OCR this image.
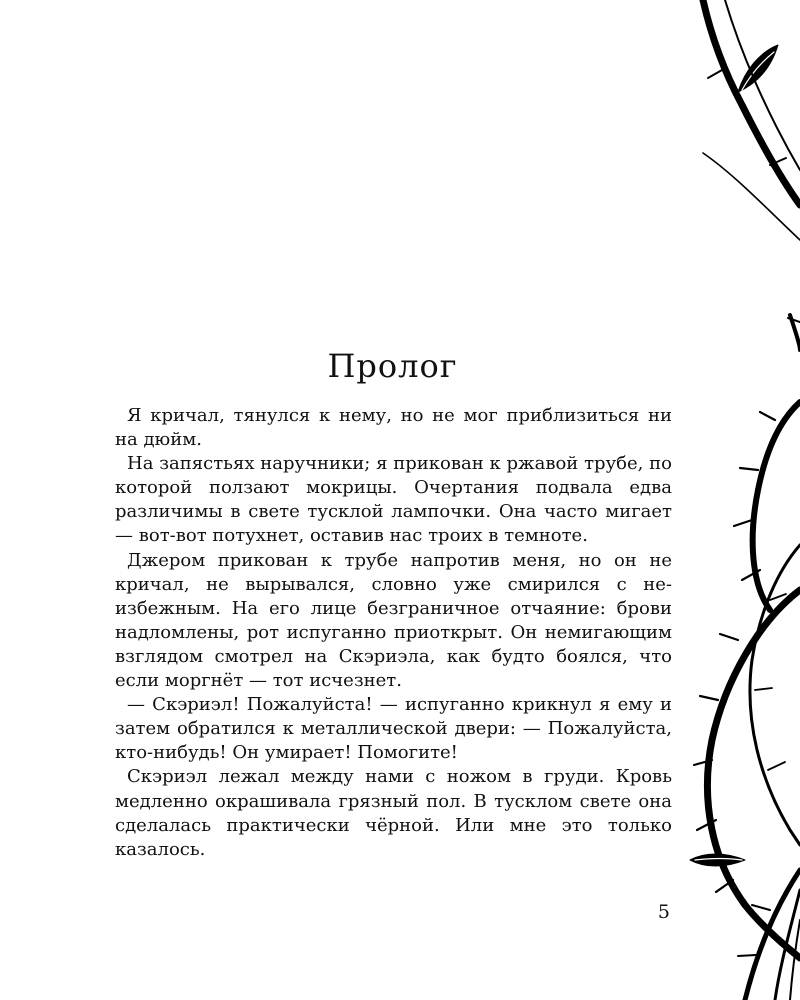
Пролог

Я кричал, тянулся к нему, но не мог приблизиться ни на дюйм.

На запястьях наручники; я прикован к ржавой трубе, по которой ползают мокрицы. Очертания подвала едва различимы в свете тусклой лампочки. Она часто мигает — вот-вот потухнет, оставив нас троих в темноте.

Джером прикован к трубе напротив меня, но он не кричал, не вырывался, словно уже смирился с неизбежным. На его лице безграничное отчаяние: брови надломлены, рот испуганно приоткрыт. Он немигающим взглядом смотрел на Скэриэла, как будто боялся, что если моргнёт — тот исчезнет.

— Скэриэл! Пожалуйста! — испуганно крикнул я ему и затем обратился к металлической двери: — Пожалуйста, кто-нибудь! Он умирает! Помогите!

Скэриэл лежал между нами с ножом в груди. Кровь медленно окрашивала грязный пол. В тусклом свете она сделалась практически чёрной. Или мне это только казалось.

5
